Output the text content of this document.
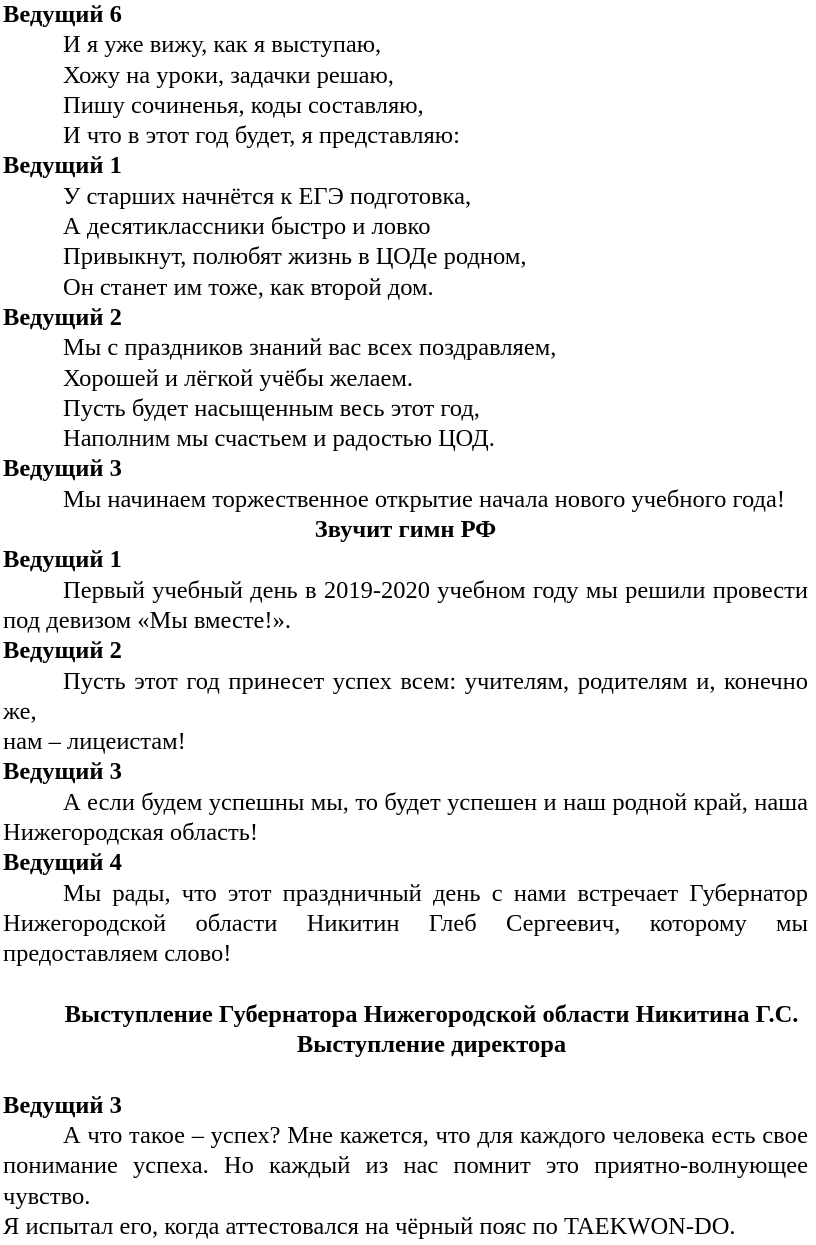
Ведущий 6
И я уже вижу, как я выступаю,
Хожу на уроки, задачки решаю,
Пишу сочиненья, коды составляю,
И что в этот год будет, я представляю:
Ведущий 1
У старших начнётся к ЕГЭ подготовка,
А десятиклассники быстро и ловко
Привыкнут, полюбят жизнь в ЦОДе родном,
Он станет им тоже, как второй дом.
Ведущий 2
Мы с праздников знаний вас всех поздравляем,
Хорошей и лёгкой учёбы желаем.
Пусть будет насыщенным весь этот год,
Наполним мы счастьем и радостью ЦОД.
Ведущий 3
Мы начинаем торжественное открытие начала нового учебного года!
Звучит гимн РФ
Ведущий 1
Первый учебный день в 2019-2020 учебном году мы решили провести
под девизом «Мы вместе!».
Ведущий 2
Пусть этот год принесет успех всем: учителям, родителям и, конечно же,
нам – лицеистам!
Ведущий 3
А если будем успешны мы, то будет успешен и наш родной край, наша
Нижегородская область!
Ведущий 4
Мы рады, что этот праздничный день с нами встречает Губернатор
Нижегородской области Никитин Глеб Сергеевич, которому мы
предоставляем слово!
Выступление Губернатора Нижегородской области Никитина Г.С.
Выступление директора
Ведущий 3
А что такое – успех? Мне кажется, что для каждого человека есть свое
понимание успеха. Но каждый из нас помнит это приятно-волнующее чувство.
Я испытал его, когда аттестовался на чёрный пояс по TAEKWON-DO.
